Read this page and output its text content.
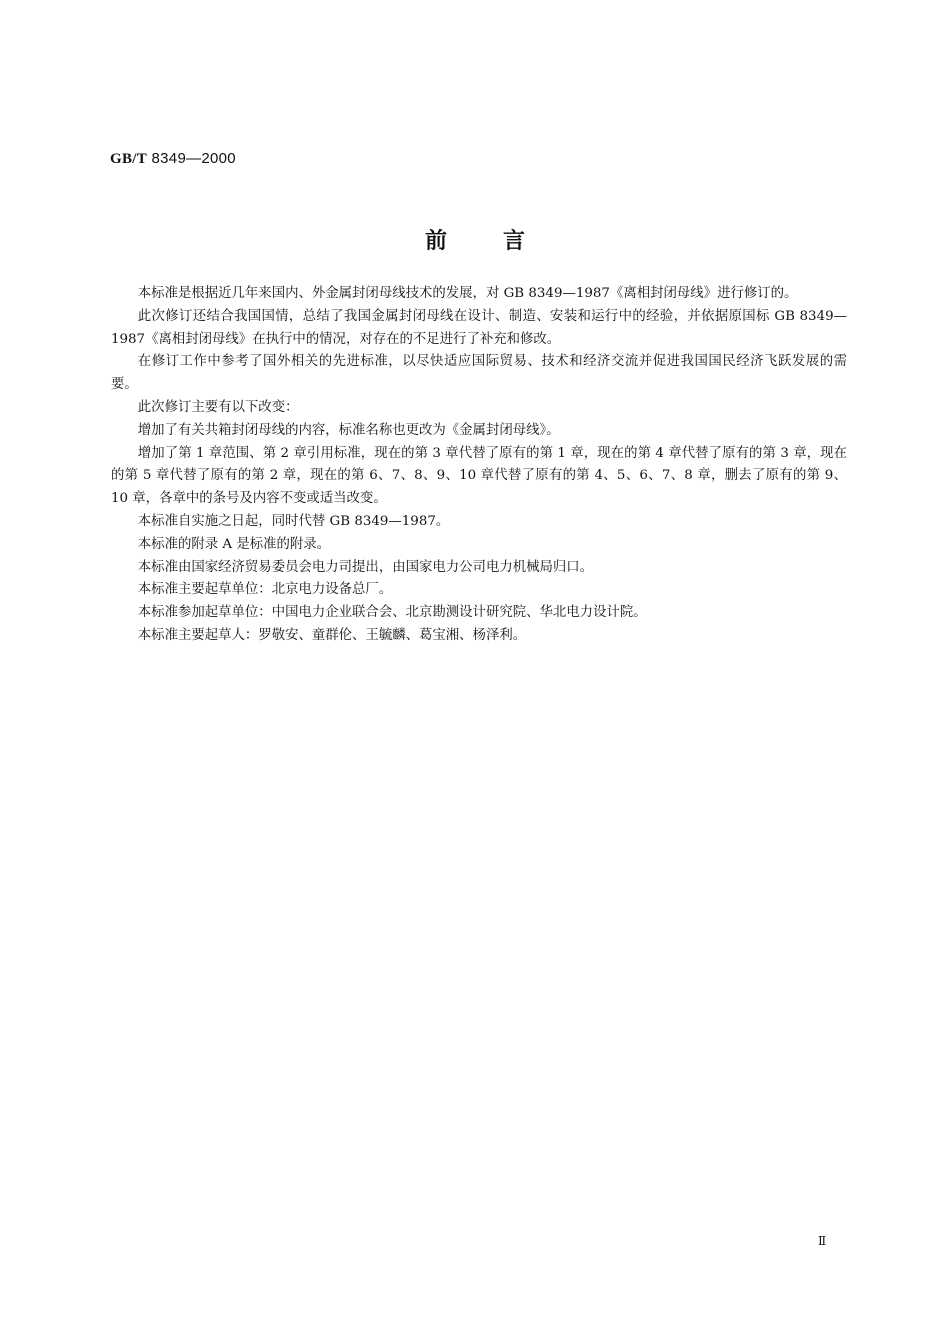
GB/T 8349—2000
前言

本标准是根据近几年来国内、外金属封闭母线技术的发展，对 GB 8349—1987《离相封闭母线》进行修订的。

此次修订还结合我国国情，总结了我国金属封闭母线在设计、制造、安装和运行中的经验，并依据原国标 GB 8349—1987《离相封闭母线》在执行中的情况，对存在的不足进行了补充和修改。

在修订工作中参考了国外相关的先进标准，以尽快适应国际贸易、技术和经济交流并促进我国国民经济飞跃发展的需要。

此次修订主要有以下改变：

增加了有关共箱封闭母线的内容，标准名称也更改为《金属封闭母线》。

增加了第 1 章范围、第 2 章引用标准，现在的第 3 章代替了原有的第 1 章，现在的第 4 章代替了原有的第 3 章，现在的第 5 章代替了原有的第 2 章，现在的第 6、7、8、9、10 章代替了原有的第 4、5、6、7、8 章，删去了原有的第 9、10 章，各章中的条号及内容不变或适当改变。

本标准自实施之日起，同时代替 GB 8349—1987。

本标准的附录 A 是标准的附录。

本标准由国家经济贸易委员会电力司提出，由国家电力公司电力机械局归口。

本标准主要起草单位：北京电力设备总厂。

本标准参加起草单位：中国电力企业联合会、北京勘测设计研究院、华北电力设计院。

本标准主要起草人：罗敬安、童群伦、王毓麟、葛宝湘、杨泽利。

Ⅱ
